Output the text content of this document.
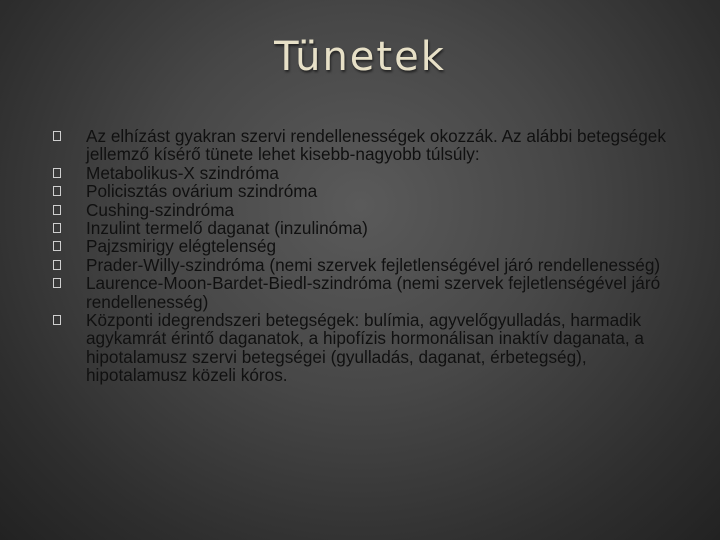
Tünetek
Az elhízást gyakran szervi rendellenességek okozzák. Az alábbi betegségek jellemző kísérő tünete lehet kisebb-nagyobb túlsúly:
Metabolikus-X szindróma
Policisztás ovárium szindróma
Cushing-szindróma
Inzulint termelő daganat (inzulinóma)
Pajzsmirigy elégtelenség
Prader-Willy-szindróma (nemi szervek fejletlenségével járó rendellenesség)
Laurence-Moon-Bardet-Biedl-szindróma (nemi szervek fejletlenségével járó rendellenesség)
Központi idegrendszeri betegségek: bulímia, agyvelőgyulladás, harmadik agykamrát érintő daganatok, a hipofízis hormonálisan inaktív daganata, a hipotalamusz szervi betegségei (gyulladás, daganat, érbetegség), hipotalamusz közeli kóros.
